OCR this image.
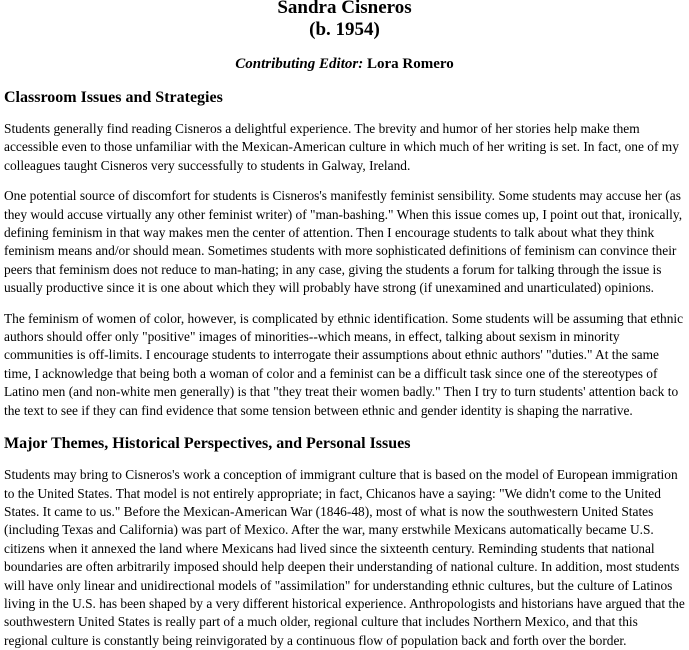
Sandra Cisneros
(b. 1954)
Contributing Editor: Lora Romero
Classroom Issues and Strategies

Students generally find reading Cisneros a delightful experience. The brevity and humor of her stories help make them accessible even to those unfamiliar with the Mexican-American culture in which much of her writing is set. In fact, one of my colleagues taught Cisneros very successfully to students in Galway, Ireland.

One potential source of discomfort for students is Cisneros's manifestly feminist sensibility. Some students may accuse her (as they would accuse virtually any other feminist writer) of "man-bashing." When this issue comes up, I point out that, ironically, defining feminism in that way makes men the center of attention. Then I encourage students to talk about what they think feminism means and/or should mean. Sometimes students with more sophisticated definitions of feminism can convince their peers that feminism does not reduce to man-hating; in any case, giving the students a forum for talking through the issue is usually productive since it is one about which they will probably have strong (if unexamined and unarticulated) opinions.

The feminism of women of color, however, is complicated by ethnic identification. Some students will be assuming that ethnic authors should offer only "positive" images of minorities--which means, in effect, talking about sexism in minority communities is off-limits. I encourage students to interrogate their assumptions about ethnic authors' "duties." At the same time, I acknowledge that being both a woman of color and a feminist can be a difficult task since one of the stereotypes of Latino men (and non-white men generally) is that "they treat their women badly." Then I try to turn students' attention back to the text to see if they can find evidence that some tension between ethnic and gender identity is shaping the narrative.

Major Themes, Historical Perspectives, and Personal Issues

Students may bring to Cisneros's work a conception of immigrant culture that is based on the model of European immigration to the United States. That model is not entirely appropriate; in fact, Chicanos have a saying: "We didn't come to the United States. It came to us." Before the Mexican-American War (1846-48), most of what is now the southwestern United States (including Texas and California) was part of Mexico. After the war, many erstwhile Mexicans automatically became U.S. citizens when it annexed the land where Mexicans had lived since the sixteenth century. Reminding students that national boundaries are often arbitrarily imposed should help deepen their understanding of national culture. In addition, most students will have only linear and unidirectional models of "assimilation" for understanding ethnic cultures, but the culture of Latinos living in the U.S. has been shaped by a very different historical experience. Anthropologists and historians have argued that the southwestern United States is really part of a much older, regional culture that includes Northern Mexico, and that this regional culture is constantly being reinvigorated by a continuous flow of population back and forth over the border.
